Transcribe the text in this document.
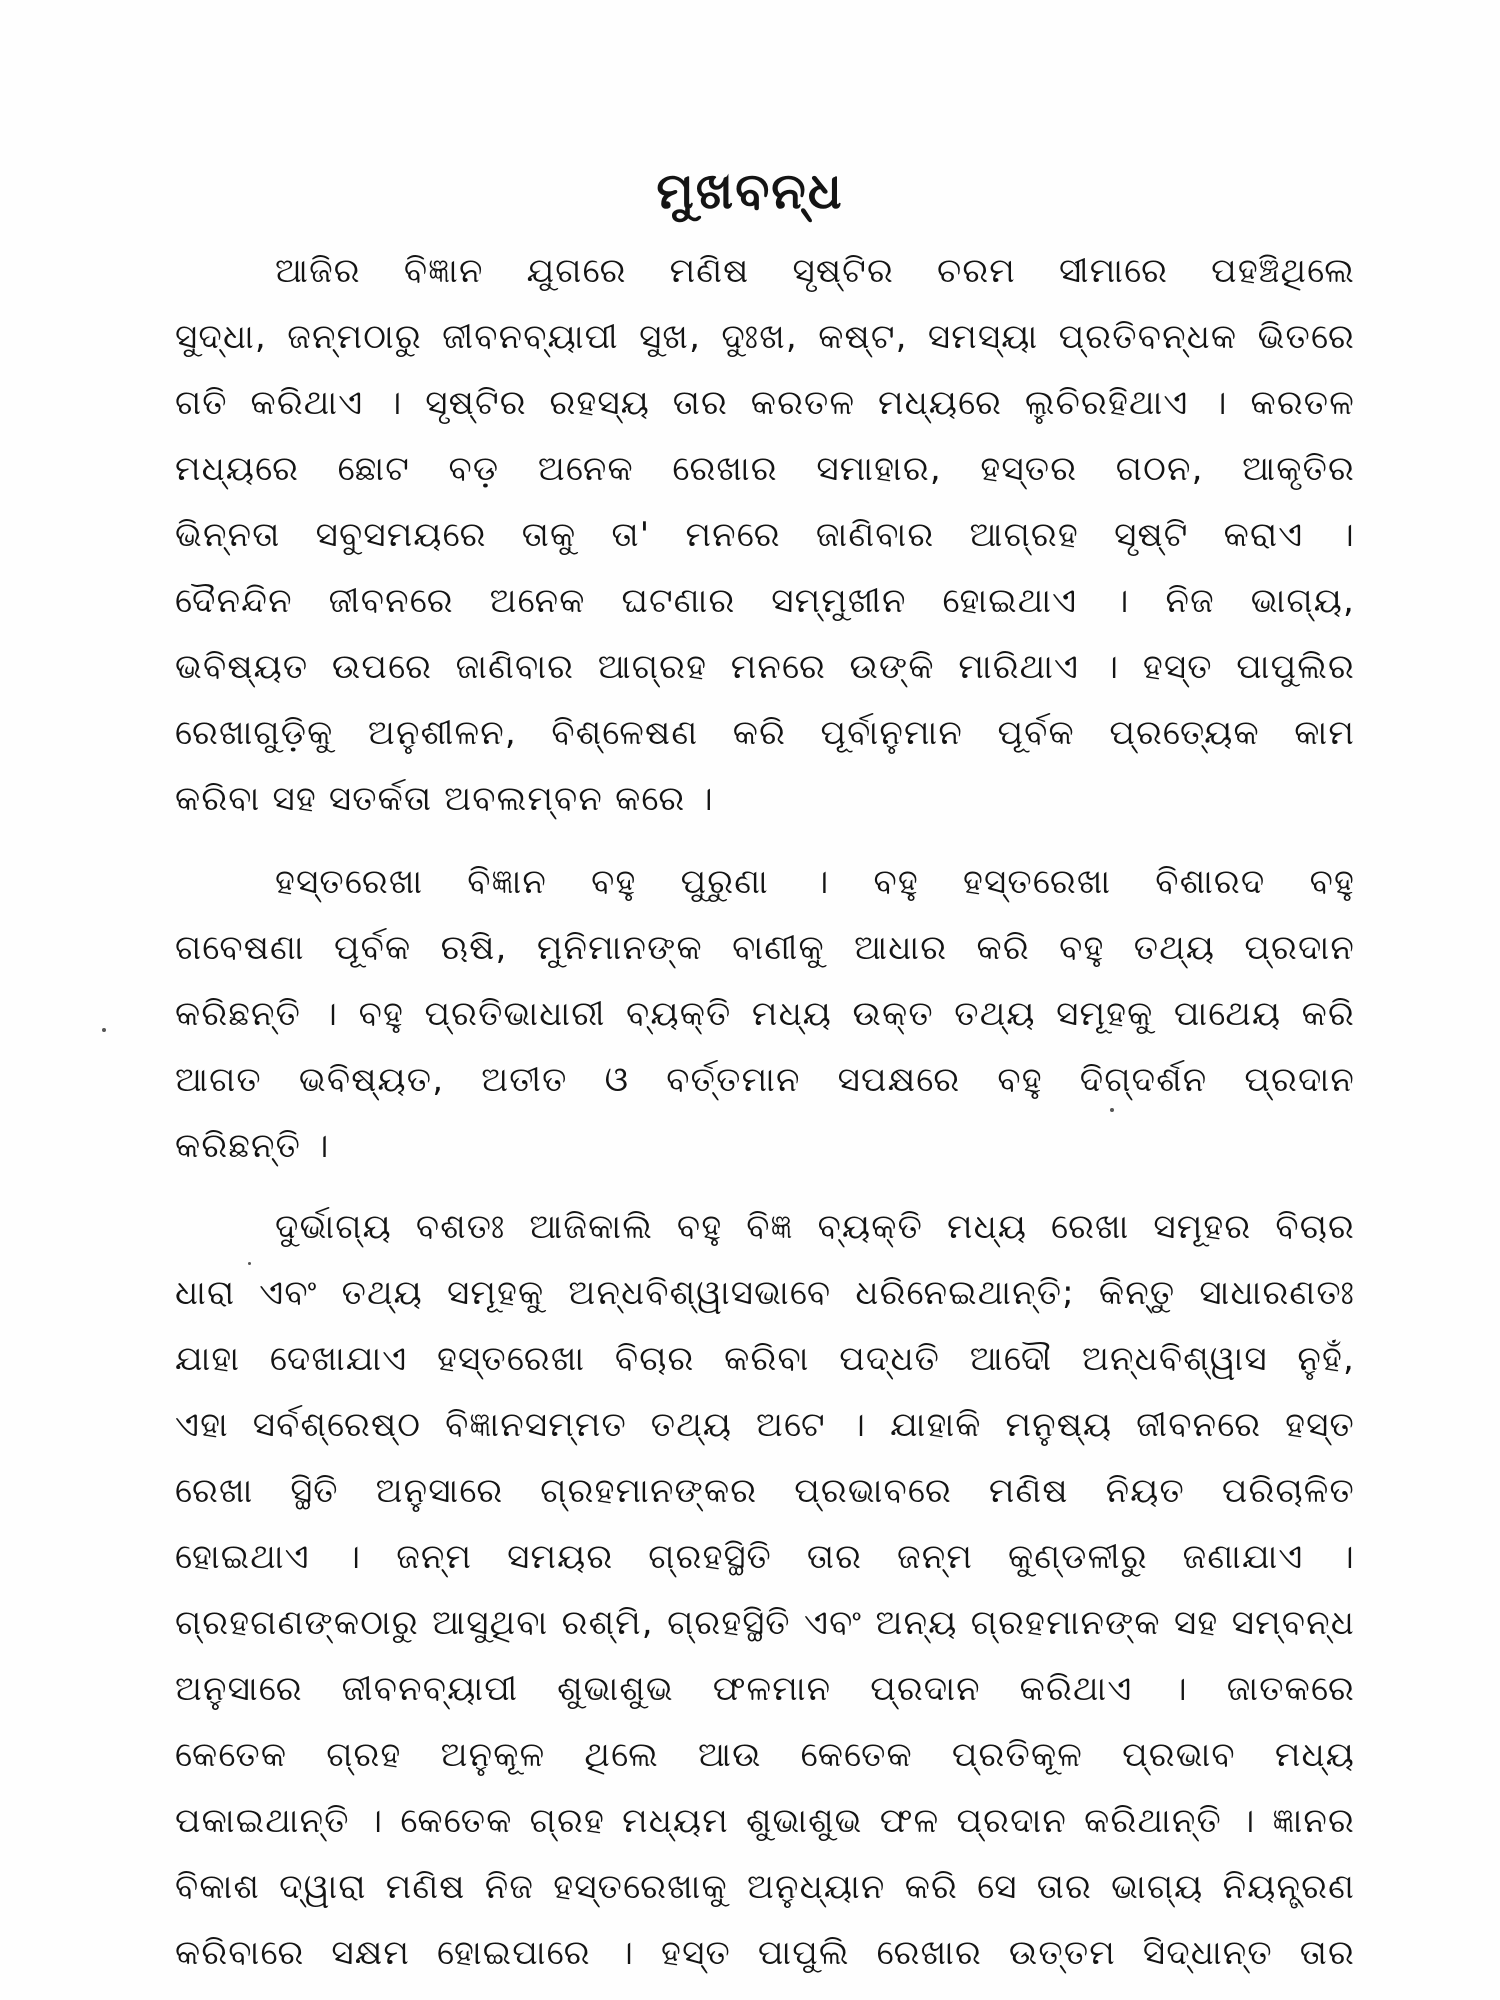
ମୁଖବନ୍ଧ
ଆଜିର ବିଜ୍ଞାନ ଯୁଗରେ ମଣିଷ ସୃଷ୍ଟିର ଚରମ ସୀମାରେ ପହଞ୍ଚିଥିଲେ
ସୁଦ୍ଧା, ଜନ୍ମଠାରୁ ଜୀବନବ୍ୟାପୀ ସୁଖ, ଦୁଃଖ, କଷ୍ଟ, ସମସ୍ୟା ପ୍ରତିବନ୍ଧକ ଭିତରେ
ଗତି କରିଥାଏ । ସୃଷ୍ଟିର ରହସ୍ୟ ତାର କରତଳ ମଧ୍ୟରେ ଲୁଚିରହିଥାଏ । କରତଳ
ମଧ୍ୟରେ ଛୋଟ ବଡ଼ ଅନେକ ରେଖାର ସମାହାର, ହସ୍ତର ଗଠନ, ଆକୃତିର
ଭିନ୍ନତା ସବୁସମୟରେ ତାକୁ ତା' ମନରେ ଜାଣିବାର ଆଗ୍ରହ ସୃଷ୍ଟି କରାଏ ।
ଦୈନନ୍ଦିନ ଜୀବନରେ ଅନେକ ଘଟଣାର ସମ୍ମୁଖୀନ ହୋଇଥାଏ । ନିଜ ଭାଗ୍ୟ,
ଭବିଷ୍ୟତ ଉପରେ ଜାଣିବାର ଆଗ୍ରହ ମନରେ ଉଙ୍କି ମାରିଥାଏ । ହସ୍ତ ପାପୁଲିର
ରେଖାଗୁଡ଼ିକୁ ଅନୁଶୀଳନ, ବିଶ୍ଳେଷଣ କରି ପୂର୍ବାନୁମାନ ପୂର୍ବକ ପ୍ରତ୍ୟେକ କାମ
କରିବା ସହ ସତର୍କତା ଅବଲମ୍ବନ କରେ ।
ହସ୍ତରେଖା ବିଜ୍ଞାନ ବହୁ ପୁରୁଣା । ବହୁ ହସ୍ତରେଖା ବିଶାରଦ ବହୁ
ଗବେଷଣା ପୂର୍ବକ ଋଷି, ମୁନିମାନଙ୍କ ବାଣୀକୁ ଆଧାର କରି ବହୁ ତଥ୍ୟ ପ୍ରଦାନ
କରିଛନ୍ତି । ବହୁ ପ୍ରତିଭାଧାରୀ ବ୍ୟକ୍ତି ମଧ୍ୟ ଉକ୍ତ ତଥ୍ୟ ସମୂହକୁ ପାଥେୟ କରି
ଆଗତ ଭବିଷ୍ୟତ, ଅତୀତ ଓ ବର୍ତ୍ତମାନ ସପକ୍ଷରେ ବହୁ ଦିଗ୍‌ଦର୍ଶନ ପ୍ରଦାନ
କରିଛନ୍ତି ।
ଦୁର୍ଭାଗ୍ୟ ବଶତଃ ଆଜିକାଲି ବହୁ ବିଜ୍ଞ ବ୍ୟକ୍ତି ମଧ୍ୟ ରେଖା ସମୂହର ବିଚାର
ଧାରା ଏବଂ ତଥ୍ୟ ସମୂହକୁ ଅନ୍ଧବିଶ୍ୱାସଭାବେ ଧରିନେଇଥାନ୍ତି; କିନ୍ତୁ ସାଧାରଣତଃ
ଯାହା ଦେଖାଯାଏ ହସ୍ତରେଖା ବିଚାର କରିବା ପଦ୍ଧତି ଆଦୌ ଅନ୍ଧବିଶ୍ୱାସ ନୁହଁ,
ଏହା ସର୍ବଶ୍ରେଷ୍ଠ ବିଜ୍ଞାନସମ୍ମତ ତଥ୍ୟ ଅଟେ । ଯାହାକି ମନୁଷ୍ୟ ଜୀବନରେ ହସ୍ତ
ରେଖା ସ୍ଥିତି ଅନୁସାରେ ଗ୍ରହମାନଙ୍କର ପ୍ରଭାବରେ ମଣିଷ ନିୟତ ପରିଚାଳିତ
ହୋଇଥାଏ । ଜନ୍ମ ସମୟର ଗ୍ରହସ୍ଥିତି ତାର ଜନ୍ମ କୁଣ୍ଡଳୀରୁ ଜଣାଯାଏ ।
ଗ୍ରହଗଣଙ୍କଠାରୁ ଆସୁଥିବା ରଶ୍ମି, ଗ୍ରହସ୍ଥିତି ଏବଂ ଅନ୍ୟ ଗ୍ରହମାନଙ୍କ ସହ ସମ୍ବନ୍ଧ
ଅନୁସାରେ ଜୀବନବ୍ୟାପୀ ଶୁଭାଶୁଭ ଫଳମାନ ପ୍ରଦାନ କରିଥାଏ । ଜାତକରେ
କେତେକ ଗ୍ରହ ଅନୁକୂଳ ଥିଲେ ଆଉ କେତେକ ପ୍ରତିକୂଳ ପ୍ରଭାବ ମଧ୍ୟ
ପକାଇଥାନ୍ତି । କେତେକ ଗ୍ରହ ମଧ୍ୟମ ଶୁଭାଶୁଭ ଫଳ ପ୍ରଦାନ କରିଥାନ୍ତି । ଜ୍ଞାନର
ବିକାଶ ଦ୍ୱାରା ମଣିଷ ନିଜ ହସ୍ତରେଖାକୁ ଅନୁଧ୍ୟାନ କରି ସେ ତାର ଭାଗ୍ୟ ନିୟନ୍ତ୍ରଣ
କରିବାରେ ସକ୍ଷମ ହୋଇପାରେ । ହସ୍ତ ପାପୁଲି ରେଖାର ଉତ୍ତମ ସିଦ୍ଧାନ୍ତ ତାର
